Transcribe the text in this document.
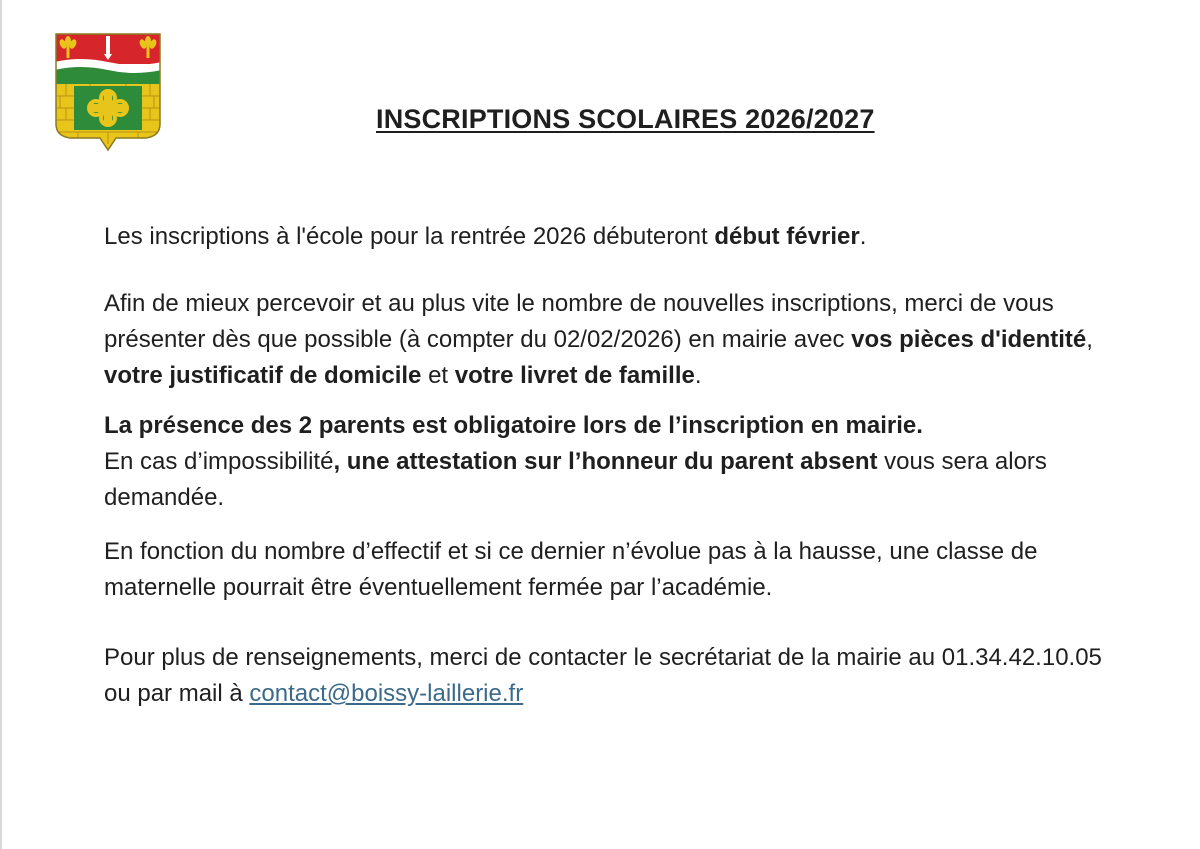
INSCRIPTIONS SCOLAIRES 2026/2027

Les inscriptions à l'école pour la rentrée 2026 débuteront début février.

Afin de mieux percevoir et au plus vite le nombre de nouvelles inscriptions, merci de vous présenter dès que possible (à compter du 02/02/2026) en mairie avec vos pièces d'identité, votre justificatif de domicile et votre livret de famille.

La présence des 2 parents est obligatoire lors de l’inscription en mairie.
En cas d’impossibilité, une attestation sur l’honneur du parent absent vous sera alors demandée.

En fonction du nombre d’effectif et si ce dernier n’évolue pas à la hausse, une classe de maternelle pourrait être éventuellement fermée par l’académie.

Pour plus de renseignements, merci de contacter le secrétariat de la mairie au 01.34.42.10.05 ou par mail à contact@boissy-laillerie.fr
